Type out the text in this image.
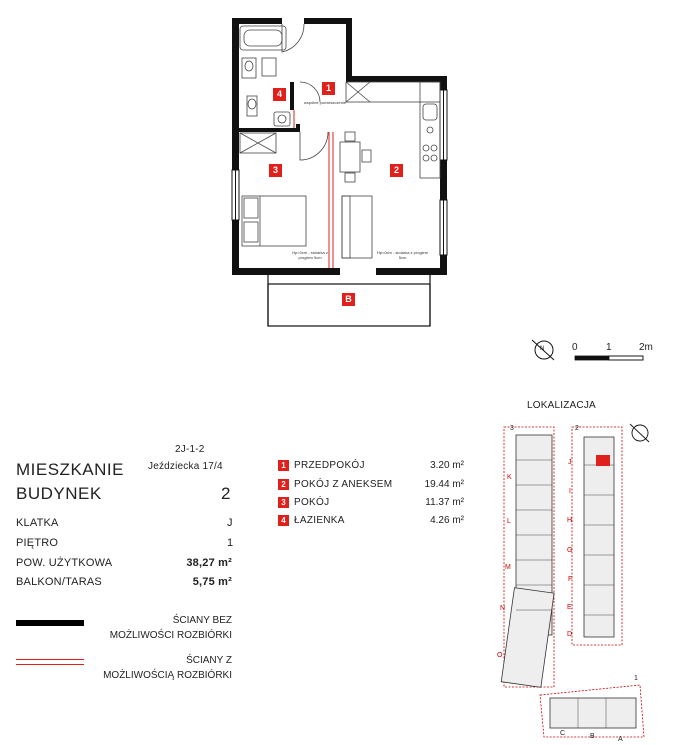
1
2
3
4
B
wspólne pomieszczenie
Hp=0cm - stolarka z progiem 5cm
Hp=0cm - stolarka z progiem 5cm
N	0	1	2m
2J-1-2
Jeździecka 17/4
MIESZKANIE
BUDYNEK	2
KLATKA	J
PIĘTRO	1
POW. UŻYTKOWA	38,27 m²
BALKON/TARAS	5,75 m²
1 PRZEDPOKÓJ	3.20 m²
2 POKÓJ Z ANEKSEM	19.44 m²
3 POKÓJ	11.37 m²
4 ŁAZIENKA	4.26 m²
ŚCIANY BEZ
MOŻLIWOŚCI ROZBIÓRKI
ŚCIANY Z
MOŻLIWOŚCIĄ ROZBIÓRKI
LOKALIZACJA
3	2
1
K
L
M
N
O
J
I
H
G
F
E
D
C	B	A
